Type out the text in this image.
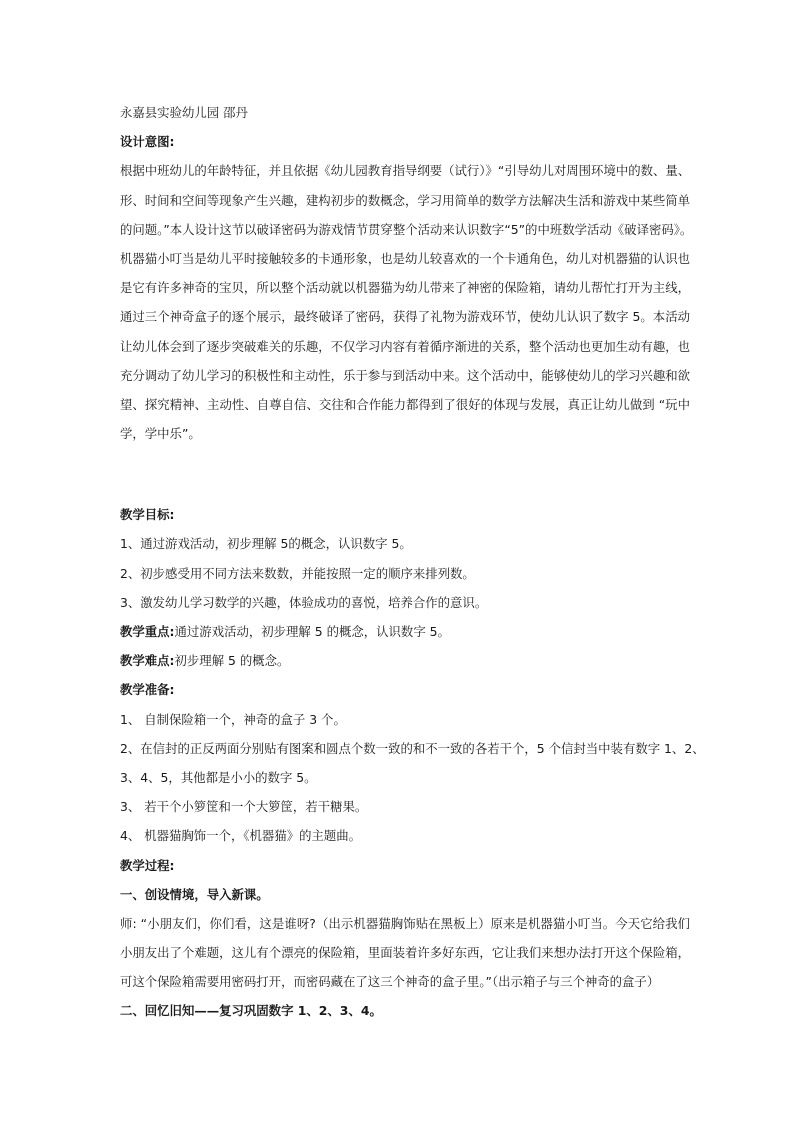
永嘉县实验幼儿园 邵丹
设计意图:
根据中班幼儿的年龄特征，并且依据《幼儿园教育指导纲要（试行）》“引导幼儿对周围环境中的数、量、
形、时间和空间等现象产生兴趣，建构初步的数概念，学习用简单的数学方法解决生活和游戏中某些简单
的问题。”本人设计这节以破译密码为游戏情节贯穿整个活动来认识数字“5”的中班数学活动《破译密码》。
机器猫小叮当是幼儿平时接触较多的卡通形象，也是幼儿较喜欢的一个卡通角色，幼儿对机器猫的认识也
是它有许多神奇的宝贝，所以整个活动就以机器猫为幼儿带来了神密的保险箱，请幼儿帮忙打开为主线，
通过三个神奇盒子的逐个展示，最终破译了密码，获得了礼物为游戏环节，使幼儿认识了数字 5。本活动
让幼儿体会到了逐步突破难关的乐趣，不仅学习内容有着循序渐进的关系，整个活动也更加生动有趣，也
充分调动了幼儿学习的积极性和主动性，乐于参与到活动中来。这个活动中，能够使幼儿的学习兴趣和欲
望、探究精神、主动性、自尊自信、交往和合作能力都得到了很好的体现与发展，真正让幼儿做到 “玩中
学，学中乐”。
教学目标:
1、通过游戏活动，初步理解 5的概念，认识数字 5。
2、初步感受用不同方法来数数，并能按照一定的顺序来排列数。
3、激发幼儿学习数学的兴趣，体验成功的喜悦，培养合作的意识。
教学重点:通过游戏活动，初步理解 5 的概念，认识数字 5。
教学难点:初步理解 5 的概念。
教学准备:
1、 自制保险箱一个，神奇的盒子 3 个。
2、在信封的正反两面分别贴有图案和圆点个数一致的和不一致的各若干个，5 个信封当中装有数字 1、2、
3、4、5，其他都是小小的数字 5。
3、 若干个小箩筐和一个大箩筐，若干糖果。
4、 机器猫胸饰一个，《机器猫》的主题曲。
教学过程:
一、创设情境，导入新课。
师: “小朋友们，你们看，这是谁呀?（出示机器猫胸饰贴在黑板上）原来是机器猫小叮当。今天它给我们
小朋友出了个难题，这儿有个漂亮的保险箱，里面装着许多好东西，它让我们来想办法打开这个保险箱，
可这个保险箱需要用密码打开，而密码藏在了这三个神奇的盒子里。”（出示箱子与三个神奇的盒子）
二、回忆旧知——复习巩固数字 1、2、3、4。
